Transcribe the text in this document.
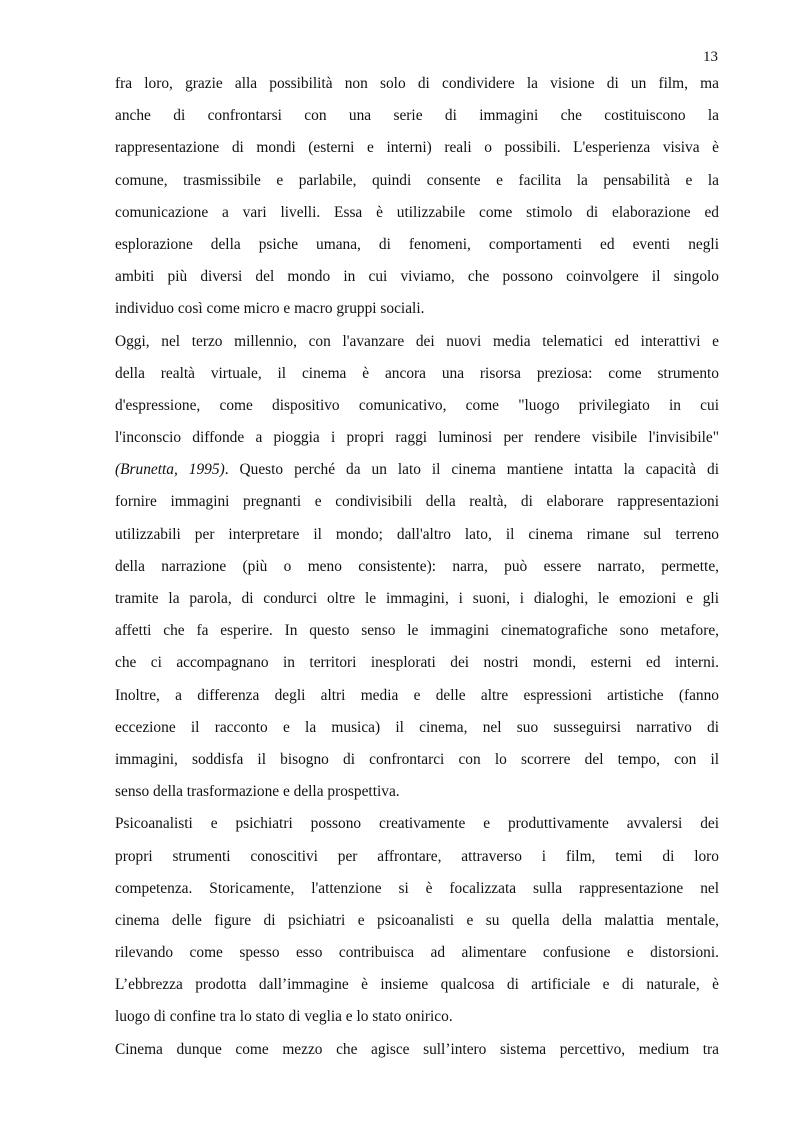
13
fra loro, grazie alla possibilità non solo di condividere la visione di un film, ma
anche di confrontarsi con una serie di immagini che costituiscono la
rappresentazione di mondi (esterni e interni) reali o possibili. L'esperienza visiva è
comune, trasmissibile e parlabile, quindi consente e facilita la pensabilità e la
comunicazione a vari livelli. Essa è utilizzabile come stimolo di elaborazione ed
esplorazione della psiche umana, di fenomeni, comportamenti ed eventi negli
ambiti più diversi del mondo in cui viviamo, che possono coinvolgere il singolo
individuo così come micro e macro gruppi sociali.
Oggi, nel terzo millennio, con l'avanzare dei nuovi media telematici ed interattivi e
della realtà virtuale, il cinema è ancora una risorsa preziosa: come strumento
d'espressione, come dispositivo comunicativo, come "luogo privilegiato in cui
l'inconscio diffonde a pioggia i propri raggi luminosi per rendere visibile l'invisibile"
(Brunetta, 1995). Questo perché da un lato il cinema mantiene intatta la capacità di
fornire immagini pregnanti e condivisibili della realtà, di elaborare rappresentazioni
utilizzabili per interpretare il mondo; dall'altro lato, il cinema rimane sul terreno
della narrazione (più o meno consistente): narra, può essere narrato, permette,
tramite la parola, di condurci oltre le immagini, i suoni, i dialoghi, le emozioni e gli
affetti che fa esperire. In questo senso le immagini cinematografiche sono metafore,
che ci accompagnano in territori inesplorati dei nostri mondi, esterni ed interni.
Inoltre, a differenza degli altri media e delle altre espressioni artistiche (fanno
eccezione il racconto e la musica) il cinema, nel suo susseguirsi narrativo di
immagini, soddisfa il bisogno di confrontarci con lo scorrere del tempo, con il
senso della trasformazione e della prospettiva.
Psicoanalisti e psichiatri possono creativamente e produttivamente avvalersi dei
propri strumenti conoscitivi per affrontare, attraverso i film, temi di loro
competenza. Storicamente, l'attenzione si è focalizzata sulla rappresentazione nel
cinema delle figure di psichiatri e psicoanalisti e su quella della malattia mentale,
rilevando come spesso esso contribuisca ad alimentare confusione e distorsioni.
L’ebbrezza prodotta dall’immagine è insieme qualcosa di artificiale e di naturale, è
luogo di confine tra lo stato di veglia e lo stato onirico.
Cinema dunque come mezzo che agisce sull’intero sistema percettivo, medium tra
